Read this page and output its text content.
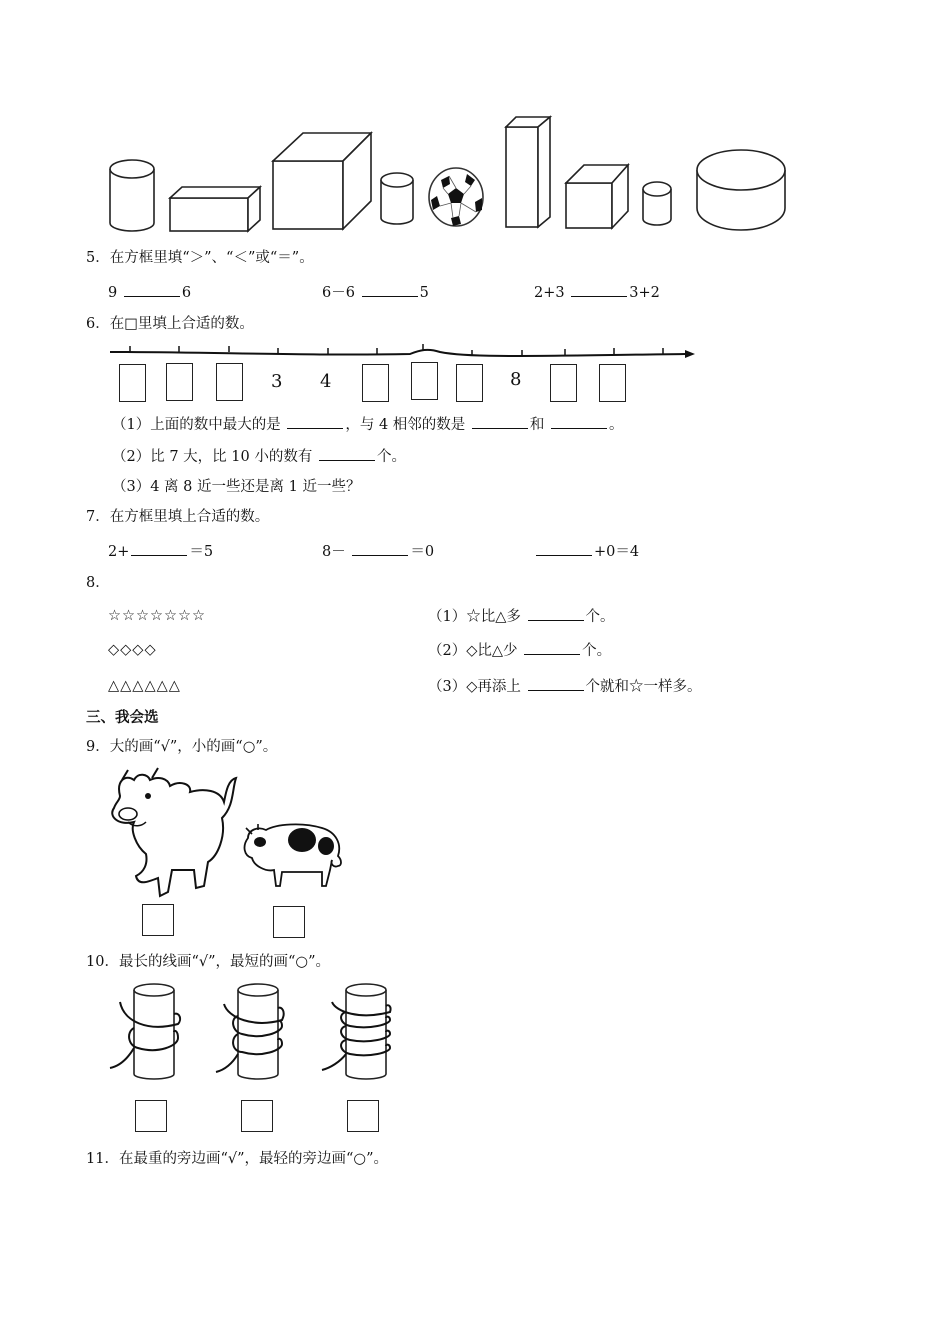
5．在方框里填“＞”、“＜”或“＝”。
9	6	6－6	5	2+3	3+2
6．在□里填上合适的数。
3 4	8
（1）上面的数中最大的是	，与 4 相邻的数是	和	。
（2）比 7 大，比 10 小的数有	个。
（3）4 离 8 近一些还是离 1 近一些？
7．在方框里填上合适的数。
2+	＝5	8－	＝0	+0＝4
8．
☆☆☆☆☆☆☆
◇◇◇◇
△△△△△△
（1）☆比△多	个。
（2）◇比△少	个。
（3）◇再添上	个就和☆一样多。
三、我会选
9．大的画“√”，小的画“○”。
10．最长的线画“√”，最短的画“○”。
11．在最重的旁边画“√”，最轻的旁边画“○”。
